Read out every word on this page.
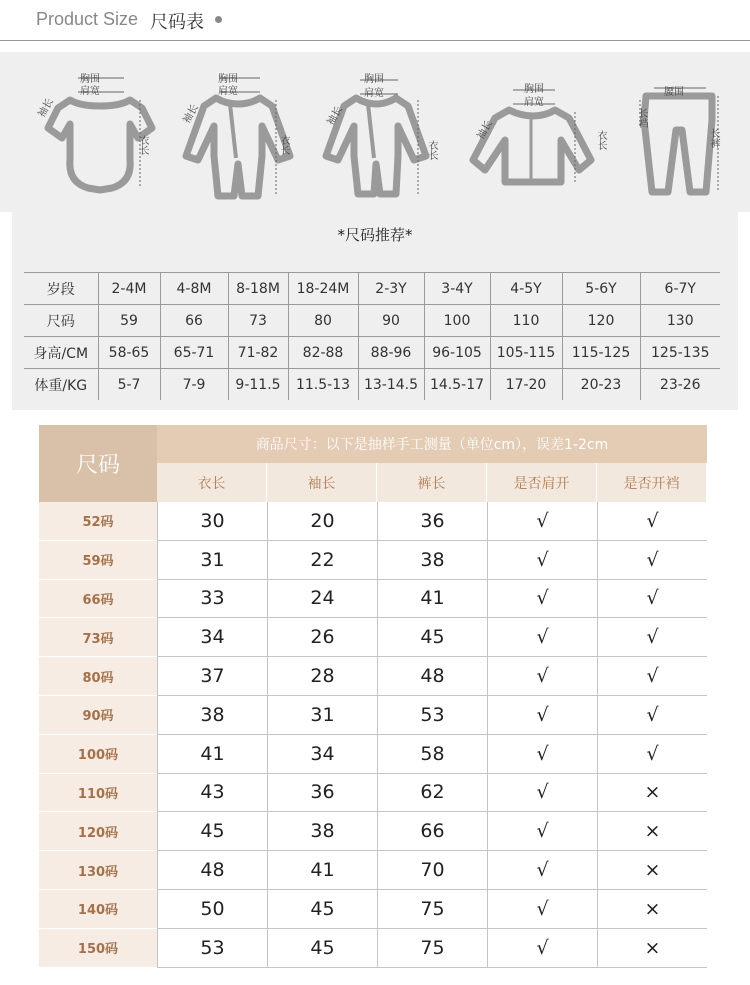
Product Size 尺码表
胸围
肩宽
衣长
袖长
胸围
肩宽
衣长
袖长
胸围
肩宽
衣长
袖长
胸围
肩宽
衣长
袖长
腰围
长裆
长裤
*尺码推荐*
岁段	2-4M	4-8M	8-18M	18-24M	2-3Y	3-4Y	4-5Y	5-6Y	6-7Y
尺码	59	66	73	80	90	100	110	120	130
身高/CM	58-65	65-71	71-82	82-88	88-96	96-105	105-115	115-125	125-135
体重/KG	5-7	7-9	9-11.5	11.5-13	13-14.5	14.5-17	17-20	20-23	23-26
尺码
商品尺寸：以下是抽样手工测量（单位cm），误差1-2cm
衣长	袖长	裤长	是否肩开	是否开裆
52码	30	20	36	√	√
59码	31	22	38	√	√
66码	33	24	41	√	√
73码	34	26	45	√	√
80码	37	28	48	√	√
90码	38	31	53	√	√
100码	41	34	58	√	√
110码	43	36	62	√	×
120码	45	38	66	√	×
130码	48	41	70	√	×
140码	50	45	75	√	×
150码	53	45	75	√	×
